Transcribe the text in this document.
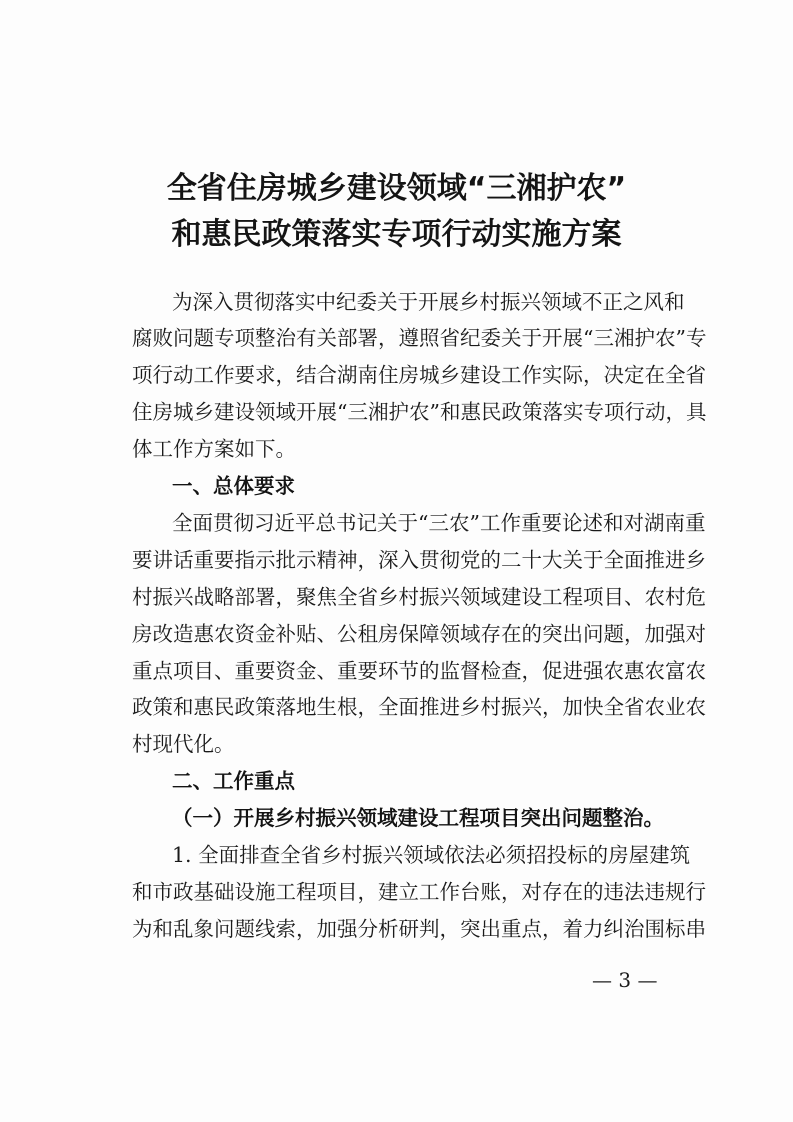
全省住房城乡建设领域“三湘护农”
和惠民政策落实专项行动实施方案
为深入贯彻落实中纪委关于开展乡村振兴领域不正之风和
腐败问题专项整治有关部署，遵照省纪委关于开展“三湘护农”专
项行动工作要求，结合湖南住房城乡建设工作实际，决定在全省
住房城乡建设领域开展“三湘护农”和惠民政策落实专项行动，具
体工作方案如下。
一、总体要求
全面贯彻习近平总书记关于“三农”工作重要论述和对湖南重
要讲话重要指示批示精神，深入贯彻党的二十大关于全面推进乡
村振兴战略部署，聚焦全省乡村振兴领域建设工程项目、农村危
房改造惠农资金补贴、公租房保障领域存在的突出问题，加强对
重点项目、重要资金、重要环节的监督检查，促进强农惠农富农
政策和惠民政策落地生根，全面推进乡村振兴，加快全省农业农
村现代化。
二、工作重点
（一）开展乡村振兴领域建设工程项目突出问题整治。
1. 全面排查全省乡村振兴领域依法必须招投标的房屋建筑
和市政基础设施工程项目，建立工作台账，对存在的违法违规行
为和乱象问题线索，加强分析研判，突出重点，着力纠治围标串
— 3 —
